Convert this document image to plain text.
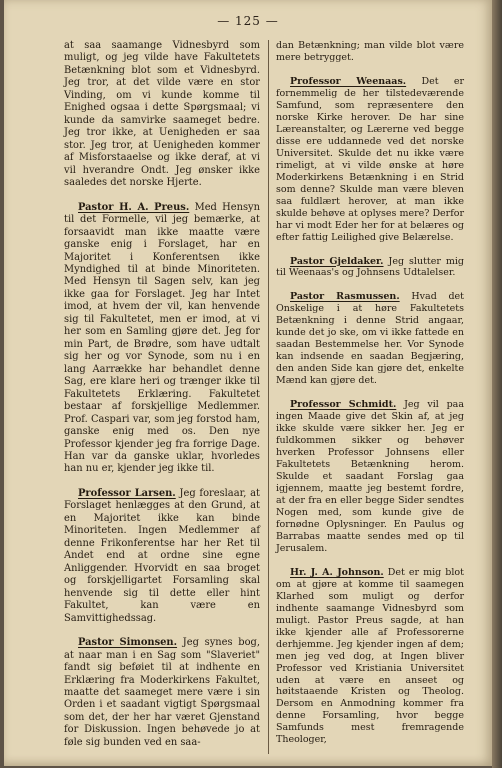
— 125 —

at saa saamange Vidnesbyrd som muligt, og jeg vilde have Fakultetets Betænkning blot som et Vidnesbyrd. Jeg tror, at det vilde være en stor Vinding, om vi kunde komme til Enighed ogsaa i dette Spørgsmaal; vi kunde da samvirke saameget bedre. Jeg tror ikke, at Uenigheden er saa stor. Jeg tror, at Uenigheden kommer af Misforstaaelse og ikke deraf, at vi vil hverandre Ondt. Jeg ønsker ikke saaledes det norske Hjerte.

Pastor H. A. Preus. Med Hensyn til det Formelle, vil jeg bemærke, at forsaavidt man ikke maatte være ganske enig i Forslaget, har en Majoritet i Konferentsen ikke Myndighed til at binde Minoriteten. Med Hensyn til Sagen selv, kan jeg ikke gaa for Forslaget. Jeg har Intet imod, at hvem der vil, kan henvende sig til Fakultetet, men er imod, at vi her som en Samling gjøre det. Jeg for min Part, de Brødre, som have udtalt sig her og vor Synode, som nu i en lang Aarrække har behandlet denne Sag, ere klare heri og trænger ikke til Fakultetets Erklæring. Fakultetet bestaar af forskjellige Medlemmer. Prof. Caspari var, som jeg forstod ham, ganske enig med os. Den nye Professor kjender jeg fra forrige Dage. Han var da ganske uklar, hvorledes han nu er, kjender jeg ikke til.

Professor Larsen. Jeg foreslaar, at Forslaget henlægges at den Grund, at en Majoritet ikke kan binde Minoriteten. Ingen Medlemmer af denne Frikonferentse har her Ret til Andet end at ordne sine egne Anliggender. Hvorvidt en saa broget og forskjelligartet Forsamling skal henvende sig til dette eller hint Fakultet, kan være en Samvittighedssag.

Pastor Simonsen. Jeg synes bog, at naar man i en Sag som "Slaveriet" fandt sig beføiet til at indhente en Erklæring fra Moderkirkens Fakultet, maatte det saameget mere være i sin Orden i et saadant vigtigt Spørgsmaal som det, der her har været Gjenstand for Diskussion. Ingen behøvede jo at føle sig bunden ved en saa-

dan Betænkning; man vilde blot være mere betrygget.

Professor Weenaas. Det er fornemmelig de her tilstedeværende Samfund, som repræsentere den norske Kirke herover. De har sine Læreanstalter, og Lærerne ved begge disse ere uddannede ved det norske Universitet. Skulde det nu ikke være rimeligt, at vi vilde ønske at høre Moderkirkens Betænkning i en Strid som denne? Skulde man være bleven saa fuldlært herover, at man ikke skulde behøve at oplyses mere? Derfor har vi modt Eder her for at belæres og efter fattig Leilighed give Belærelse.

Pastor Gjeldaker. Jeg slutter mig til Weenaas's og Johnsens Udtalelser.

Pastor Rasmussen. Hvad det Onskelige i at høre Fakultetets Betænkning i denne Strid angaar, kunde det jo ske, om vi ikke fattede en saadan Bestemmelse her. Vor Synode kan indsende en saadan Begjæring, den anden Side kan gjøre det, enkelte Mænd kan gjøre det.

Professor Schmidt. Jeg vil paa ingen Maade give det Skin af, at jeg ikke skulde være sikker her. Jeg er fuldkommen sikker og behøver hverken Professor Johnsens eller Fakultetets Betænkning herom. Skulde et saadant Forslag gaa igjennem, maatte jeg bestemt fordre, at der fra en eller begge Sider sendtes Nogen med, som kunde give de fornødne Oplysninger. En Paulus og Barrabas maatte sendes med op til Jerusalem.

Hr. J. A. Johnson. Det er mig blot om at gjøre at komme til saamegen Klarhed som muligt og derfor indhente saamange Vidnesbyrd som muligt. Pastor Preus sagde, at han ikke kjender alle af Professorerne derhjemme. Jeg kjender ingen af dem; men jeg ved dog, at Ingen bliver Professor ved Kristiania Universitet uden at være en anseet og høitstaaende Kristen og Theolog. Dersom en Anmodning kommer fra denne Forsamling, hvor begge Samfunds mest fremragende Theologer,
